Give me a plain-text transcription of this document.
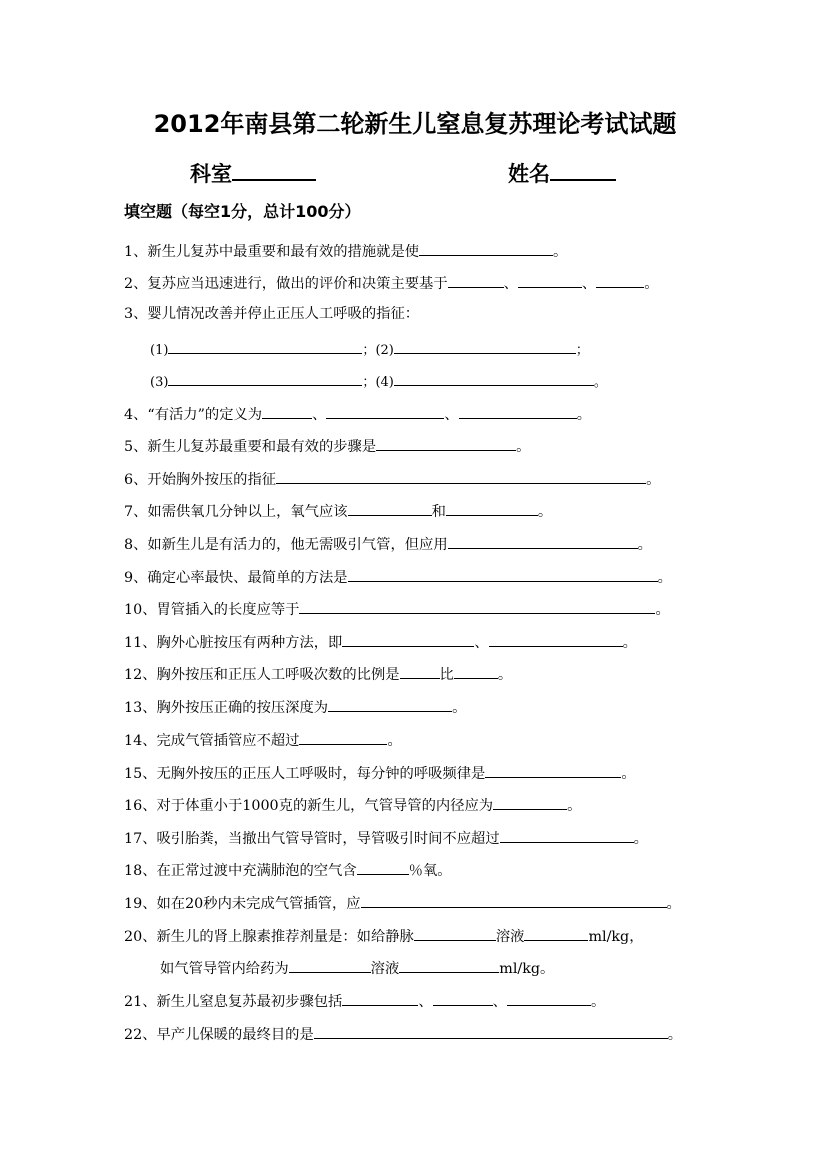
2012年南县第二轮新生儿窒息复苏理论考试试题
科室	姓名
填空题（每空1分，总计100分）
1、新生儿复苏中最重要和最有效的措施就是使	。
2、复苏应当迅速进行，做出的评价和决策主要基于	、	、	。
3、婴儿情况改善并停止正压人工呼吸的指征：
(1)	；(2)	；
(3)	；(4)	。
4、“有活力”的定义为	、	、	。
5、新生儿复苏最重要和最有效的步骤是	。
6、开始胸外按压的指征	。
7、如需供氧几分钟以上，氧气应该	和	。
8、如新生儿是有活力的，他无需吸引气管，但应用	。
9、确定心率最快、最简单的方法是	。
10、胃管插入的长度应等于	。
11、胸外心脏按压有两种方法，即	、	。
12、胸外按压和正压人工呼吸次数的比例是	比	。
13、胸外按压正确的按压深度为	。
14、完成气管插管应不超过	。
15、无胸外按压的正压人工呼吸时，每分钟的呼吸频律是	。
16、对于体重小于1000克的新生儿，气管导管的内径应为	。
17、吸引胎粪，当撤出气管导管时，导管吸引时间不应超过	。
18、在正常过渡中充满肺泡的空气含	％氧。
19、如在20秒内未完成气管插管，应	。
20、新生儿的肾上腺素推荐剂量是：如给静脉	溶液	ml/kg，
如气管导管内给药为	溶液	ml/kg。
21、新生儿窒息复苏最初步骤包括	、	、	。
22、早产儿保暖的最终目的是	。
